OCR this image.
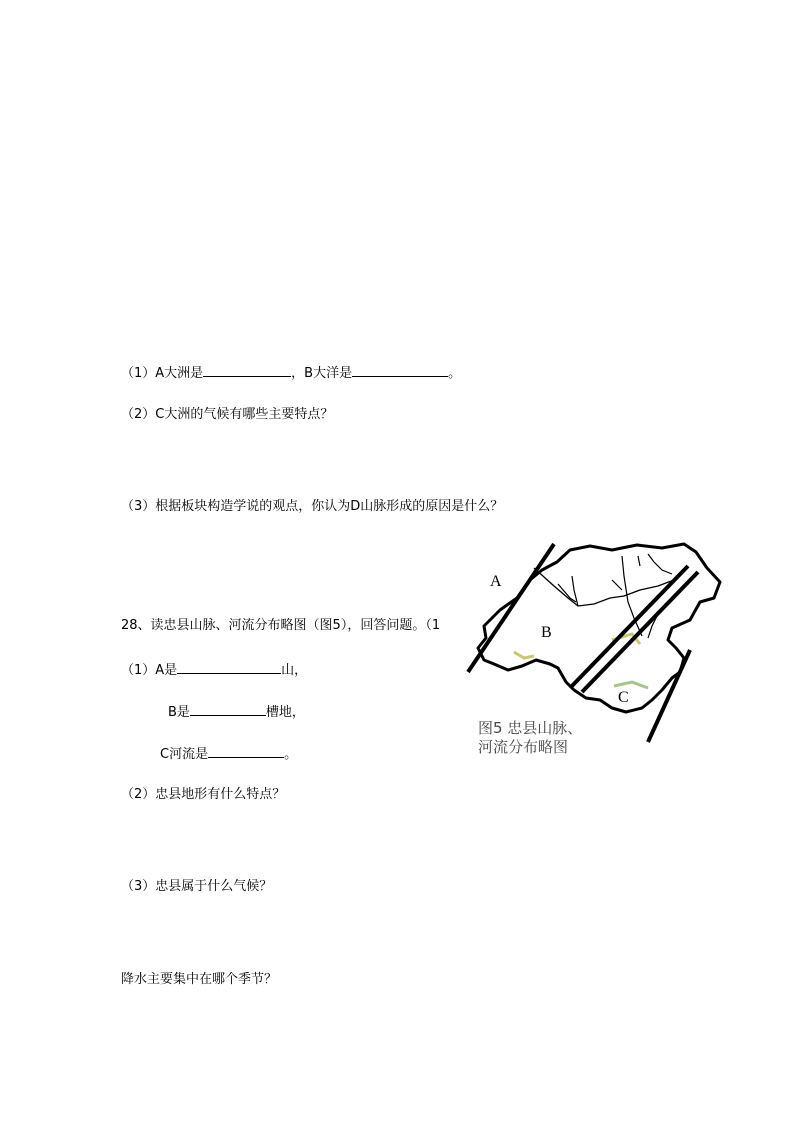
（1）A大洲是	，B大洋是	。
（2）C大洲的气候有哪些主要特点？
（3）根据板块构造学说的观点，你认为D山脉形成的原因是什么？
28、读忠县山脉、河流分布略图（图5），回答问题。（1
（1）A是	山，
B是	槽地，
C河流是	。
（2）忠县地形有什么特点？
（3）忠县属于什么气候？
降水主要集中在哪个季节？
A
B
C
图5 忠县山脉、
河流分布略图
